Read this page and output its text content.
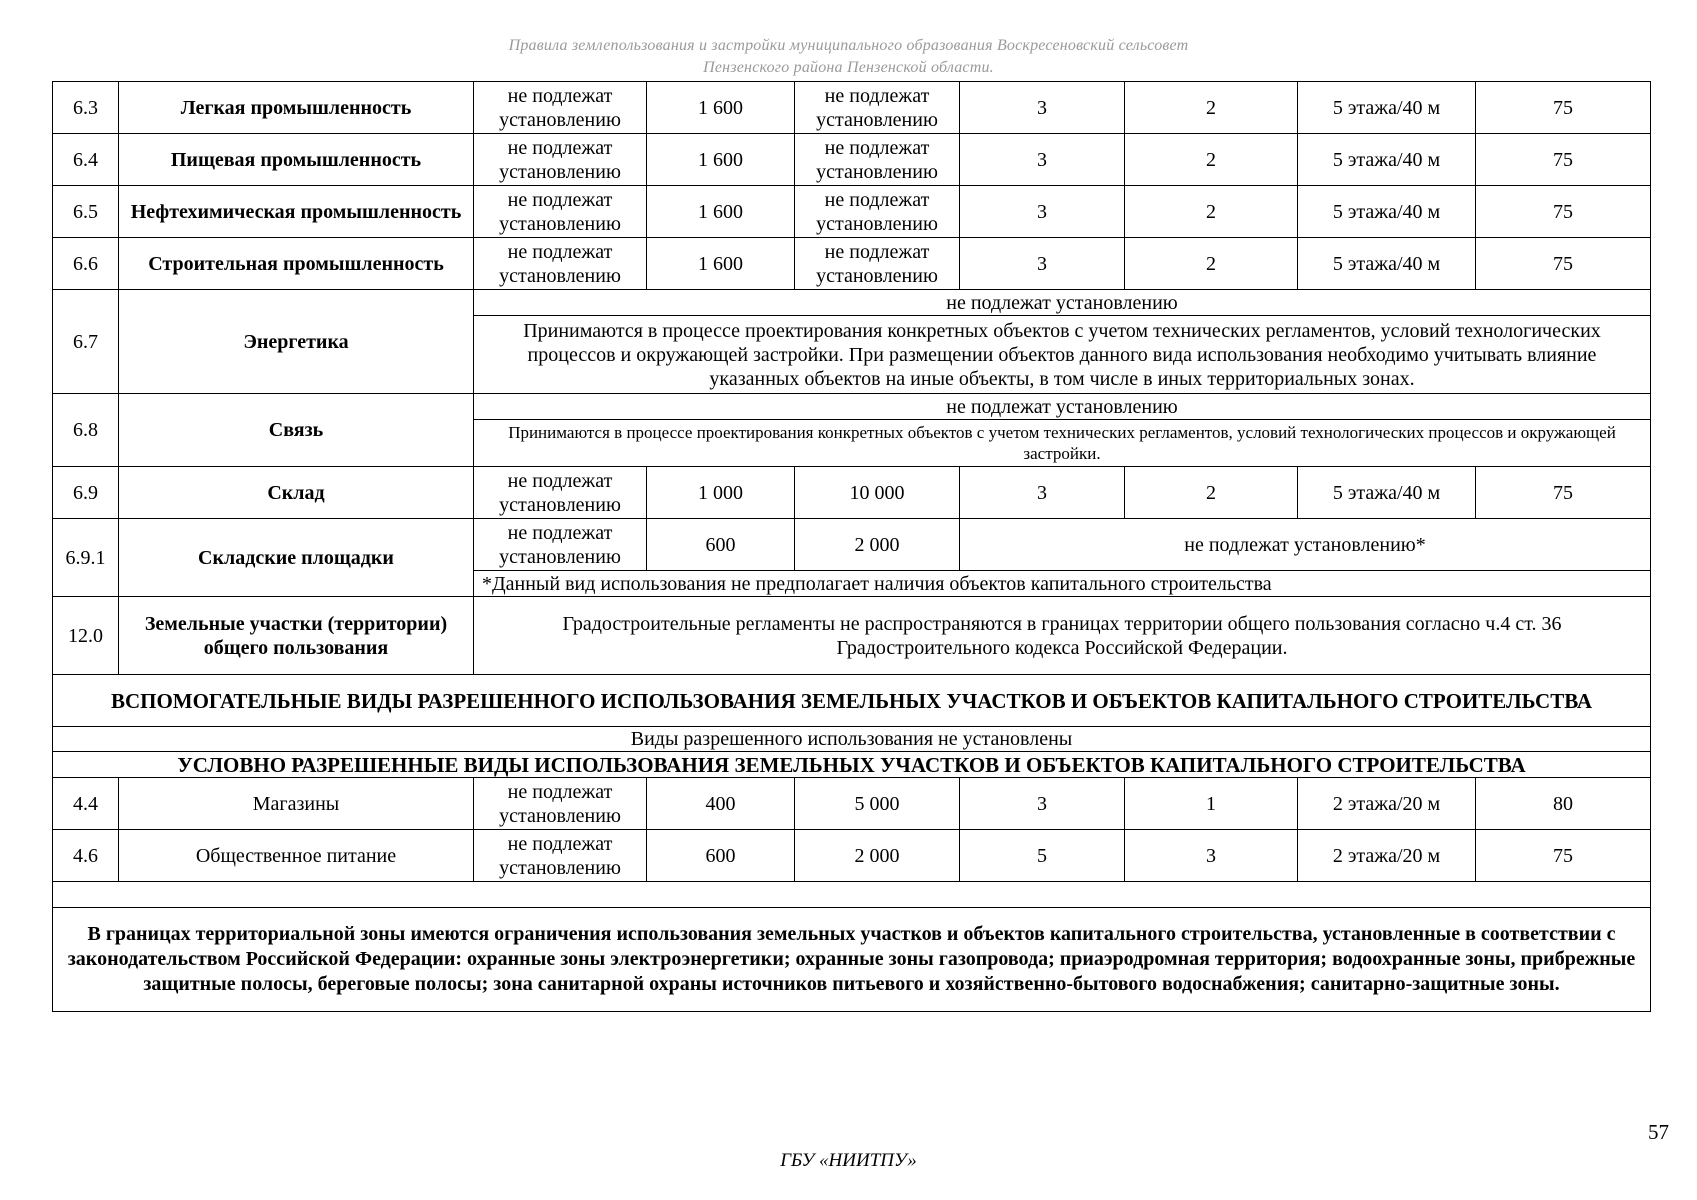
Правила землепользования и застройки муниципального образования Воскресеновский сельсовет
Пензенского района Пензенской области.
6.3	Легкая промышленность	не подлежат установлению	1 600	не подлежат установлению	3	2	5 этажа/40 м	75
6.4	Пищевая промышленность	не подлежат установлению	1 600	не подлежат установлению	3	2	5 этажа/40 м	75
6.5	Нефтехимическая промышленность	не подлежат установлению	1 600	не подлежат установлению	3	2	5 этажа/40 м	75
6.6	Строительная промышленность	не подлежат установлению	1 600	не подлежат установлению	3	2	5 этажа/40 м	75
6.7	Энергетика	не подлежат установлению						
		Принимаются в процессе проектирования конкретных объектов с учетом технических регламентов, условий технологических процессов и окружающей застройки. При размещении объектов данного вида использования необходимо учитывать влияние указанных объектов на иные объекты, в том числе в иных территориальных зонах.						
6.8	Связь	не подлежат установлению						
		Принимаются в процессе проектирования конкретных объектов с учетом технических регламентов, условий технологических процессов и окружающей застройки.						
6.9	Склад	не подлежат установлению	1 000	10 000	3	2	5 этажа/40 м	75
6.9.1	Складские площадки	не подлежат установлению	600	2 000	не подлежат установлению*			
		*Данный вид использования не предполагает наличия объектов капитального строительства						
12.0	Земельные участки (территории) общего пользования	Градостроительные регламенты не распространяются в границах территории общего пользования согласно ч.4 ст. 36 Градостроительного кодекса Российской Федерации.						
ВСПОМОГАТЕЛЬНЫЕ ВИДЫ РАЗРЕШЕННОГО ИСПОЛЬЗОВАНИЯ ЗЕМЕЛЬНЫХ УЧАСТКОВ И ОБЪЕКТОВ КАПИТАЛЬНОГО СТРОИТЕЛЬСТВА								
Виды разрешенного использования не установлены								
УСЛОВНО РАЗРЕШЕННЫЕ ВИДЫ ИСПОЛЬЗОВАНИЯ ЗЕМЕЛЬНЫХ УЧАСТКОВ И ОБЪЕКТОВ КАПИТАЛЬНОГО СТРОИТЕЛЬСТВА								
4.4	Магазины	не подлежат установлению	400	5 000	3	1	2 этажа/20 м	80
4.6	Общественное питание	не подлежат установлению	600	2 000	5	3	2 этажа/20 м	75

В границах территориальной зоны имеются ограничения использования земельных участков и объектов капитального строительства, установленные в соответствии с законодательством Российской Федерации: охранные зоны электроэнергетики; охранные зоны газопровода; приаэродромная территория; водоохранные зоны, прибрежные защитные полосы, береговые полосы; зона санитарной охраны источников питьевого и хозяйственно-бытового водоснабжения; санитарно-защитные зоны.								
57
ГБУ «НИИТПУ»
